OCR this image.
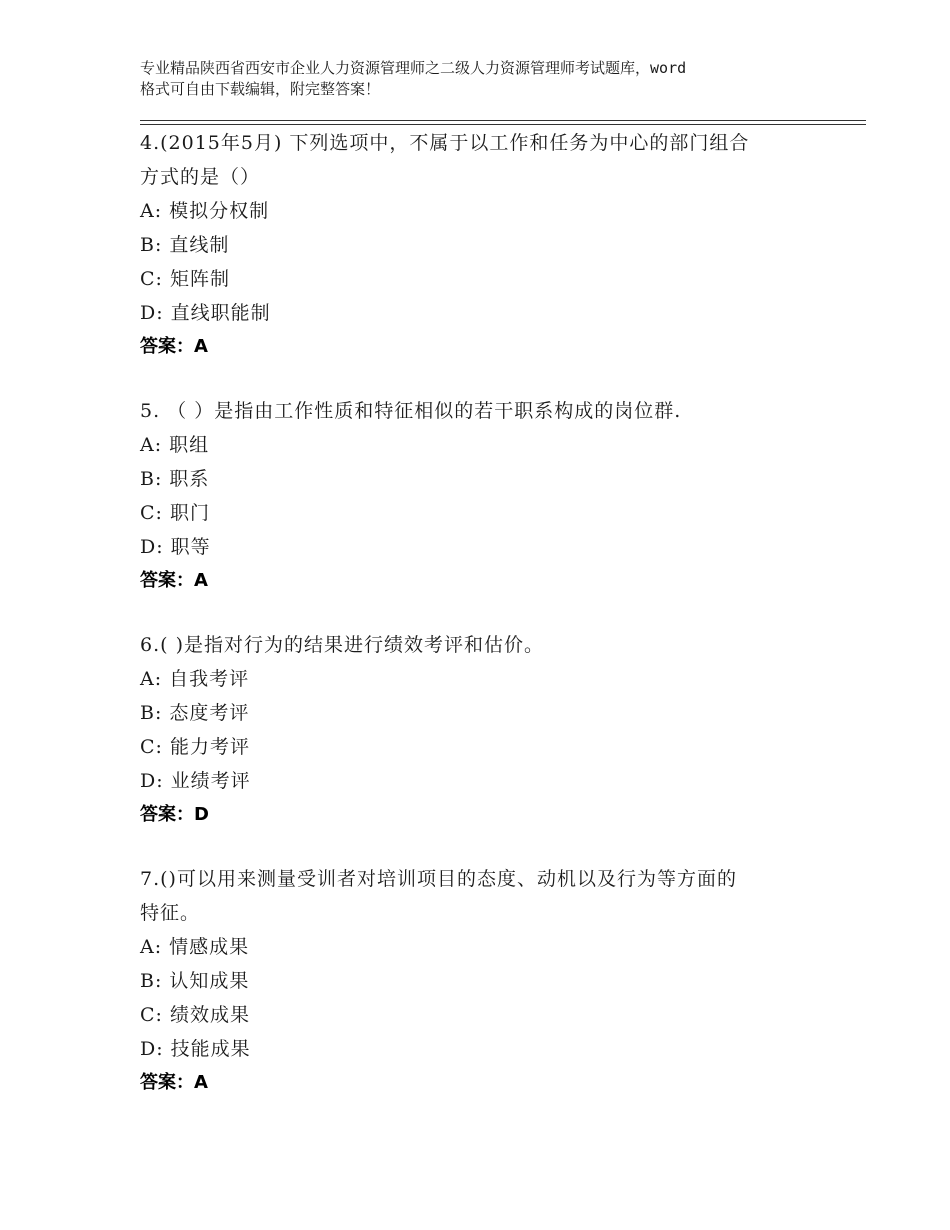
专业精品陕西省西安市企业人力资源管理师之二级人力资源管理师考试题库，word
格式可自由下载编辑，附完整答案！
4.(2015年5月) 下列选项中，不属于以工作和任务为中心的部门组合
方式的是（）
A: 模拟分权制
B: 直线制
C: 矩阵制
D: 直线职能制
答案：A
5. （ ）是指由工作性质和特征相似的若干职系构成的岗位群.
A: 职组
B: 职系
C: 职门
D: 职等
答案：A
6.( )是指对行为的结果进行绩效考评和估价。
A: 自我考评
B: 态度考评
C: 能力考评
D: 业绩考评
答案：D
7.()可以用来测量受训者对培训项目的态度、动机以及行为等方面的
特征。
A: 情感成果
B: 认知成果
C: 绩效成果
D: 技能成果
答案：A
